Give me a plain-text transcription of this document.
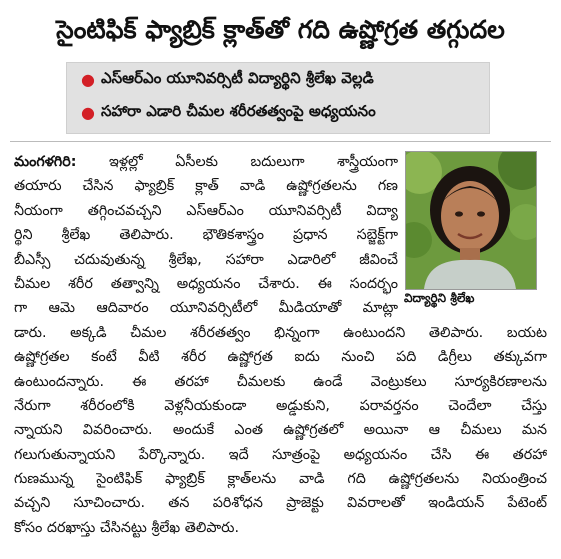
సైంటిఫిక్ ఫ్యాబ్రిక్ క్లాత్‌తో గది ఉష్ణోగ్రత తగ్గుదల
● ఎస్‌ఆర్‌ఎం యూనివర్సిటీ విద్యార్థిని శ్రీలేఖ వెల్లడి
● సహారా ఎడారి చీమల శరీరతత్వంపై అధ్యయనం
విద్యార్థిని శ్రీలేఖ
మంగళగిరి: ఇళ్లల్లో ఏసీలకు బదులుగా శాస్త్రీయంగా
తయారు చేసిన ఫ్యాబ్రిక్ క్లాత్ వాడి ఉష్ణోగ్రతలను గణ
నీయంగా తగ్గించవచ్చని ఎస్‌ఆర్‌ఎం యూనివర్సిటీ విద్యా
ర్థిని శ్రీలేఖ తెలిపారు. భౌతికశాస్త్రం ప్రధాన సబ్జెక్ట్‌గా
బీఎస్సీ చదువుతున్న శ్రీలేఖ, సహారా ఎడారిలో జీవించే
చీమల శరీర తత్వాన్ని అధ్యయనం చేశారు. ఈ సందర్భం
గా ఆమె ఆదివారం యూనివర్సిటీలో మీడియాతో మాట్లా
డారు. అక్కడి చీమల శరీరతత్వం భిన్నంగా ఉంటుందని తెలిపారు. బయట
ఉష్ణోగ్రతల కంటే వీటి శరీర ఉష్ణోగ్రత ఐదు నుంచి పది డిగ్రీలు తక్కువగా
ఉంటుందన్నారు. ఈ తరహా చీమలకు ఉండే వెంట్రుకలు సూర్యకిరణాలను
నేరుగా శరీరంలోకి వెళ్లనీయకుండా అడ్డుకుని, పరావర్తనం చెందేలా చేస్తు
న్నాయని వివరించారు. అందుకే ఎంత ఉష్ణోగ్రతలో అయినా ఆ చీమలు మన
గలుగుతున్నాయని పేర్కొన్నారు. ఇదే సూత్రంపై అధ్యయనం చేసి ఈ తరహా
గుణమున్న సైంటిఫిక్ ఫ్యాబ్రిక్ క్లాత్‌లను వాడి గది ఉష్ణోగ్రతలను నియంత్రించ
వచ్చని సూచించారు. తన పరిశోధన ప్రాజెక్టు వివరాలతో ఇండియన్ పేటెంట్
కోసం దరఖాస్తు చేసినట్టు శ్రీలేఖ తెలిపారు.
